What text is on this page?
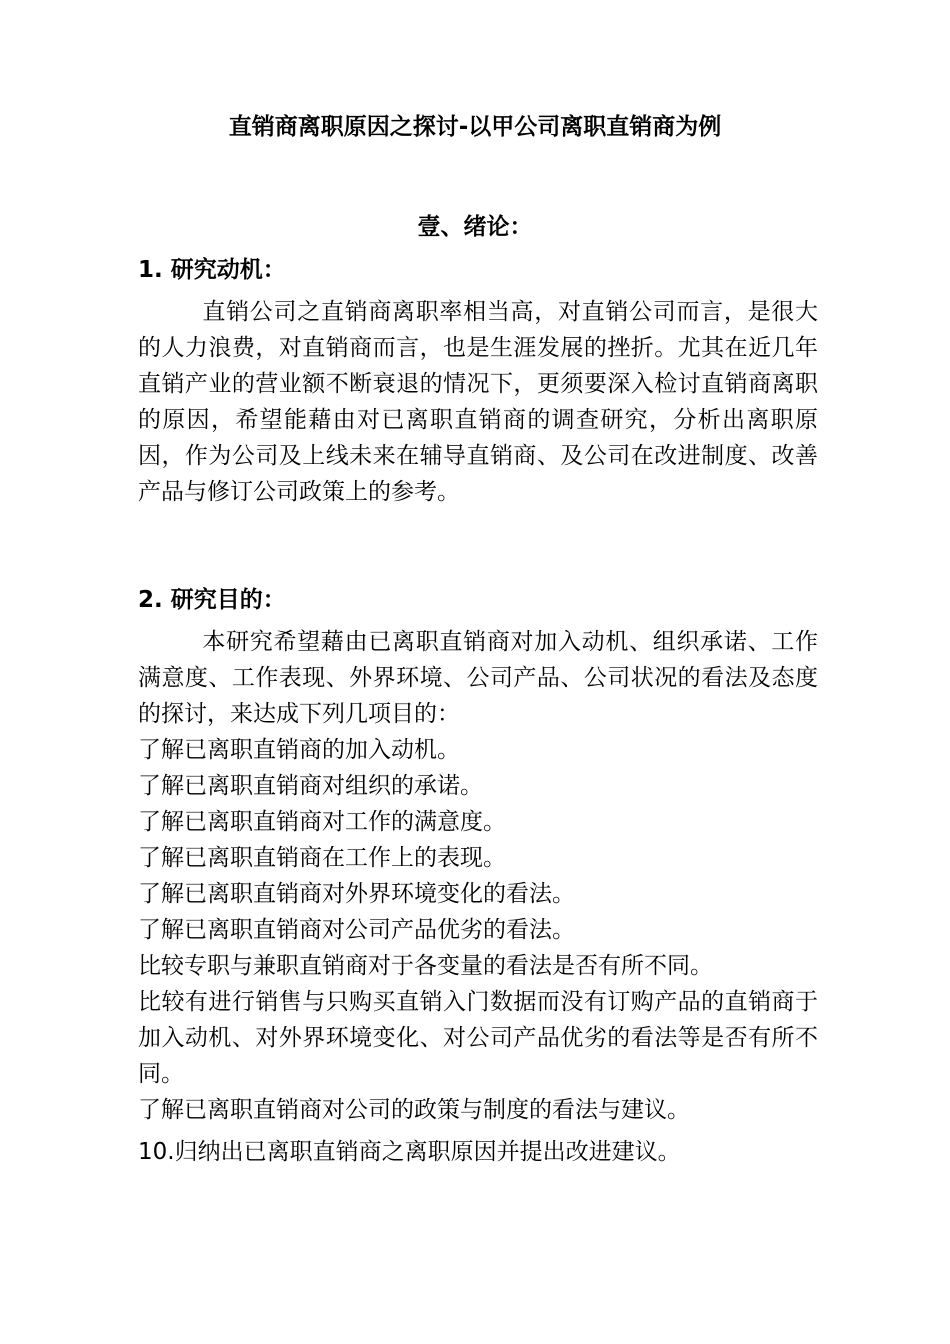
直销商离职原因之探讨-以甲公司离职直销商为例
壹、绪论：
1. 研究动机：

直销公司之直销商离职率相当高，对直销公司而言，是很大的人力浪费，对直销商而言，也是生涯发展的挫折。尤其在近几年直销产业的营业额不断衰退的情况下，更须要深入检讨直销商离职的原因，希望能藉由对已离职直销商的调查研究，分析出离职原因，作为公司及上线未来在辅导直销商、及公司在改进制度、改善产品与修订公司政策上的参考。

2. 研究目的：

本研究希望藉由已离职直销商对加入动机、组织承诺、工作满意度、工作表现、外界环境、公司产品、公司状况的看法及态度的探讨，来达成下列几项目的：

了解已离职直销商的加入动机。
了解已离职直销商对组织的承诺。
了解已离职直销商对工作的满意度。
了解已离职直销商在工作上的表现。
了解已离职直销商对外界环境变化的看法。
了解已离职直销商对公司产品优劣的看法。
比较专职与兼职直销商对于各变量的看法是否有所不同。
比较有进行销售与只购买直销入门数据而没有订购产品的直销商于加入动机、对外界环境变化、对公司产品优劣的看法等是否有所不同。
了解已离职直销商对公司的政策与制度的看法与建议。

10.归纳出已离职直销商之离职原因并提出改进建议。
